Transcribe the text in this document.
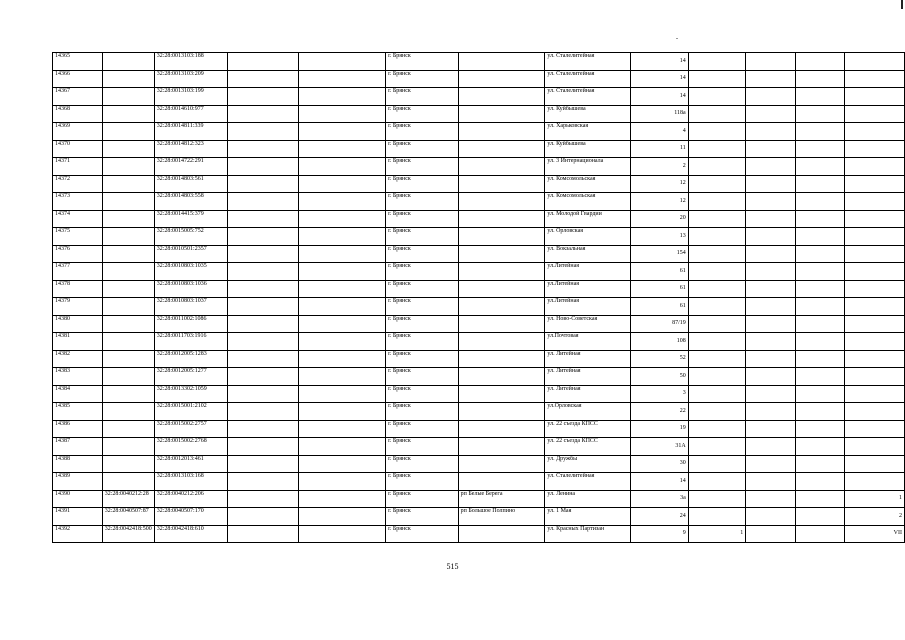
14365		32:28:0013103:188			г. Брянск		ул. Сталелитейная	14				
14366		32:28:0013103:209			г. Брянск		ул. Сталелитейная	14				
14367		32:28:0013103:199			г. Брянск		ул. Сталелитейная	14				
14368		32:28:0014610:977			г. Брянск		ул. Куйбышева	118а				
14369		32:28:0014811:339			г. Брянск		ул. Харьковская	4				
14370		32:28:0014812:323			г. Брянск		ул. Куйбышева	11				
14371		32:28:0014722:291			г. Брянск		ул. 3 Интернационала	2				
14372		32:28:0014803:561			г. Брянск		ул. Комсомольская	12				
14373		32:28:0014803:558			г. Брянск		ул. Комсомольская	12				
14374		32:28:0014415:379			г. Брянск		ул. Молодой Гвардии	20				
14375		32:28:0015005:752			г. Брянск		ул. Орловская	13				
14376		32:28:0010501:2357			г. Брянск		ул. Вокзальная	154				
14377		32:28:0010803:1035			г. Брянск		ул.Литейная	61				
14378		32:28:0010803:1036			г. Брянск		ул.Литейная	61				
14379		32:28:0010803:1037			г. Брянск		ул.Литейная	61				
14380		32:28:0011002:1086			г. Брянск		ул. Ново-Советская	87/19				
14381		32:28:0011703:1916			г. Брянск		ул.Почтовая	108				
14382		32:28:0012005:1283			г. Брянск		ул. Литейная	52				
14383		32:28:0012005:1277			г. Брянск		ул. Литейная	50				
14384		32:28:0013302:1059			г. Брянск		ул. Литейная	3				
14385		32:28:0015001:2102			г. Брянск		ул.Орловская	22				
14386		32:28:0015002:2757			г. Брянск		ул. 22 съезда КПСС	19				
14387		32:28:0015002:2768			г. Брянск		ул. 22 съезда КПСС	31А				
14388		32:28:0012013:461			г. Брянск		ул. Дружбы	30				
14389		32:28:0013103:168			г. Брянск		ул. Сталелитейная	14				
14390	32:28:0040212:28	32:28:0040212:206			г. Брянск	рп Белые Берега	ул. Ленина	3а				1
14391	32:28:0040507:87	32:28:0040507:170			г. Брянск	рп Большое Полпино	ул. 1 Мая	24				2
14392	32:28:0042418:500	32:28:0042418:610			г. Брянск		ул. Красных Партизан	9	1			VII
515
